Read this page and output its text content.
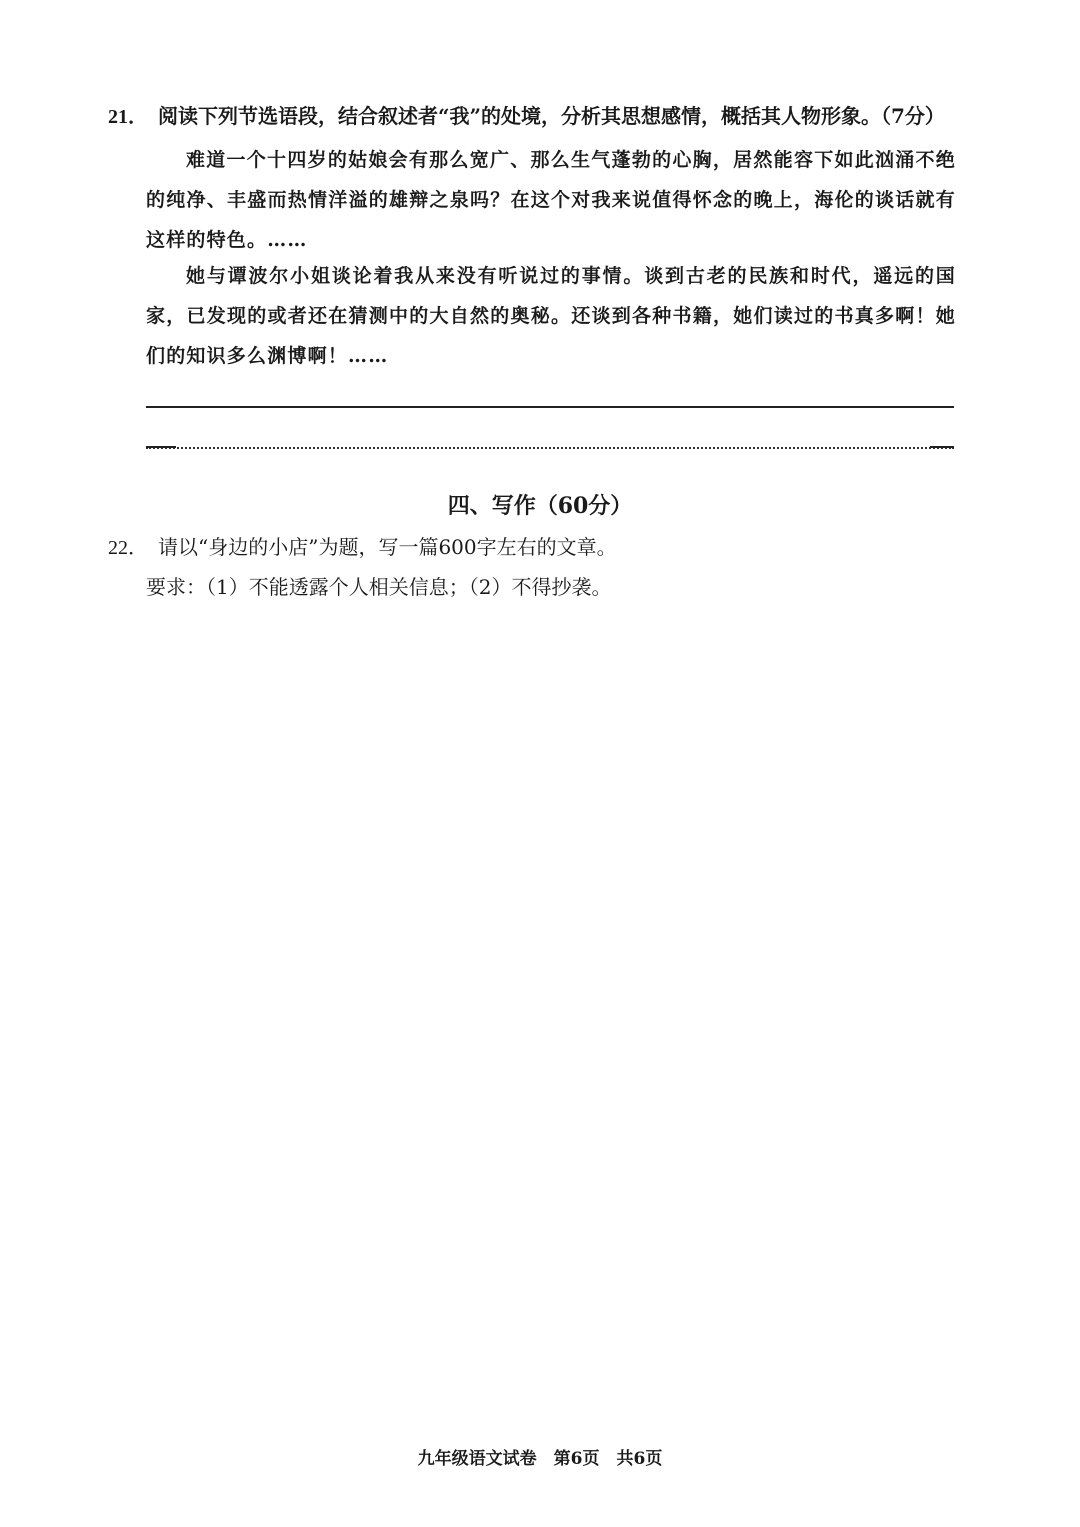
21． 阅读下列节选语段，结合叙述者“我”的处境，分析其思想感情，概括其人物形象。（7分）

难道一个十四岁的姑娘会有那么宽广、那么生气蓬勃的心胸，居然能容下如此汹涌不绝的纯净、丰盛而热情洋溢的雄辩之泉吗？在这个对我来说值得怀念的晚上，海伦的谈话就有这样的特色。……

她与谭波尔小姐谈论着我从来没有听说过的事情。谈到古老的民族和时代，遥远的国家，已发现的或者还在猜测中的大自然的奥秘。还谈到各种书籍，她们读过的书真多啊！她们的知识多么渊博啊！……

四、写作（60分）
22． 请以“身边的小店”为题，写一篇600字左右的文章。
要求：（1）不能透露个人相关信息；（2）不得抄袭。
九年级语文试卷　第6页　共6页
